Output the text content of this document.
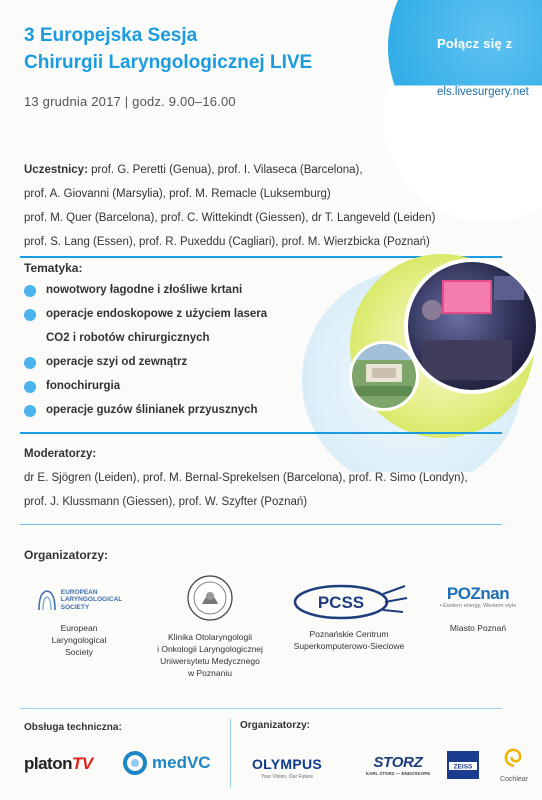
Połącz się z
els.livesurgery.net
3 Europejska Sesja
Chirurgii Laryngologicznej LIVE
13 grudnia 2017 | godz. 9.00–16.00
Uczestnicy: prof. G. Peretti (Genua), prof. I. Vilaseca (Barcelona),
prof. A. Giovanni (Marsylia), prof. M. Remacle (Luksemburg)
prof. M. Quer (Barcelona), prof. C. Wittekindt (Giessen), dr T. Langeveld (Leiden)
prof. S. Lang (Essen), prof. R. Puxeddu (Cagliari), prof. M. Wierzbicka (Poznań)
Tematyka:
nowotwory łagodne i złośliwe krtani
operacje endoskopowe z użyciem lasera
CO2 i robotów chirurgicznych
operacje szyi od zewnątrz
fonochirurgia
operacje guzów ślinianek przyusznych
Moderatorzy:
dr E. Sjögren (Leiden), prof. M. Bernal-Sprekelsen (Barcelona), prof. R. Simo (Londyn),
prof. J. Klussmann (Giessen), prof. W. Szyfter (Poznań)
Organizatorzy:
EUROPEAN
LARYNGOLOGICAL
SOCIETY
European
Laryngological
Society
Klinika Otolaryngologii
i Onkologii Laryngologicznej
Uniwersytetu Medycznego
w Poznaniu
PCSS
Poznańskie Centrum
Superkomputerowo-Sieciowe
POZnan
• Eastern energy, Western style
Miasto Poznań
Obsługa techniczna:	Organizatorzy:
platonTV	medVC	OLYMPUS
Your Vision, Our Future
STORZ
KARL STORZ — ENDOSKOPE
ZEISS
Cochlear
